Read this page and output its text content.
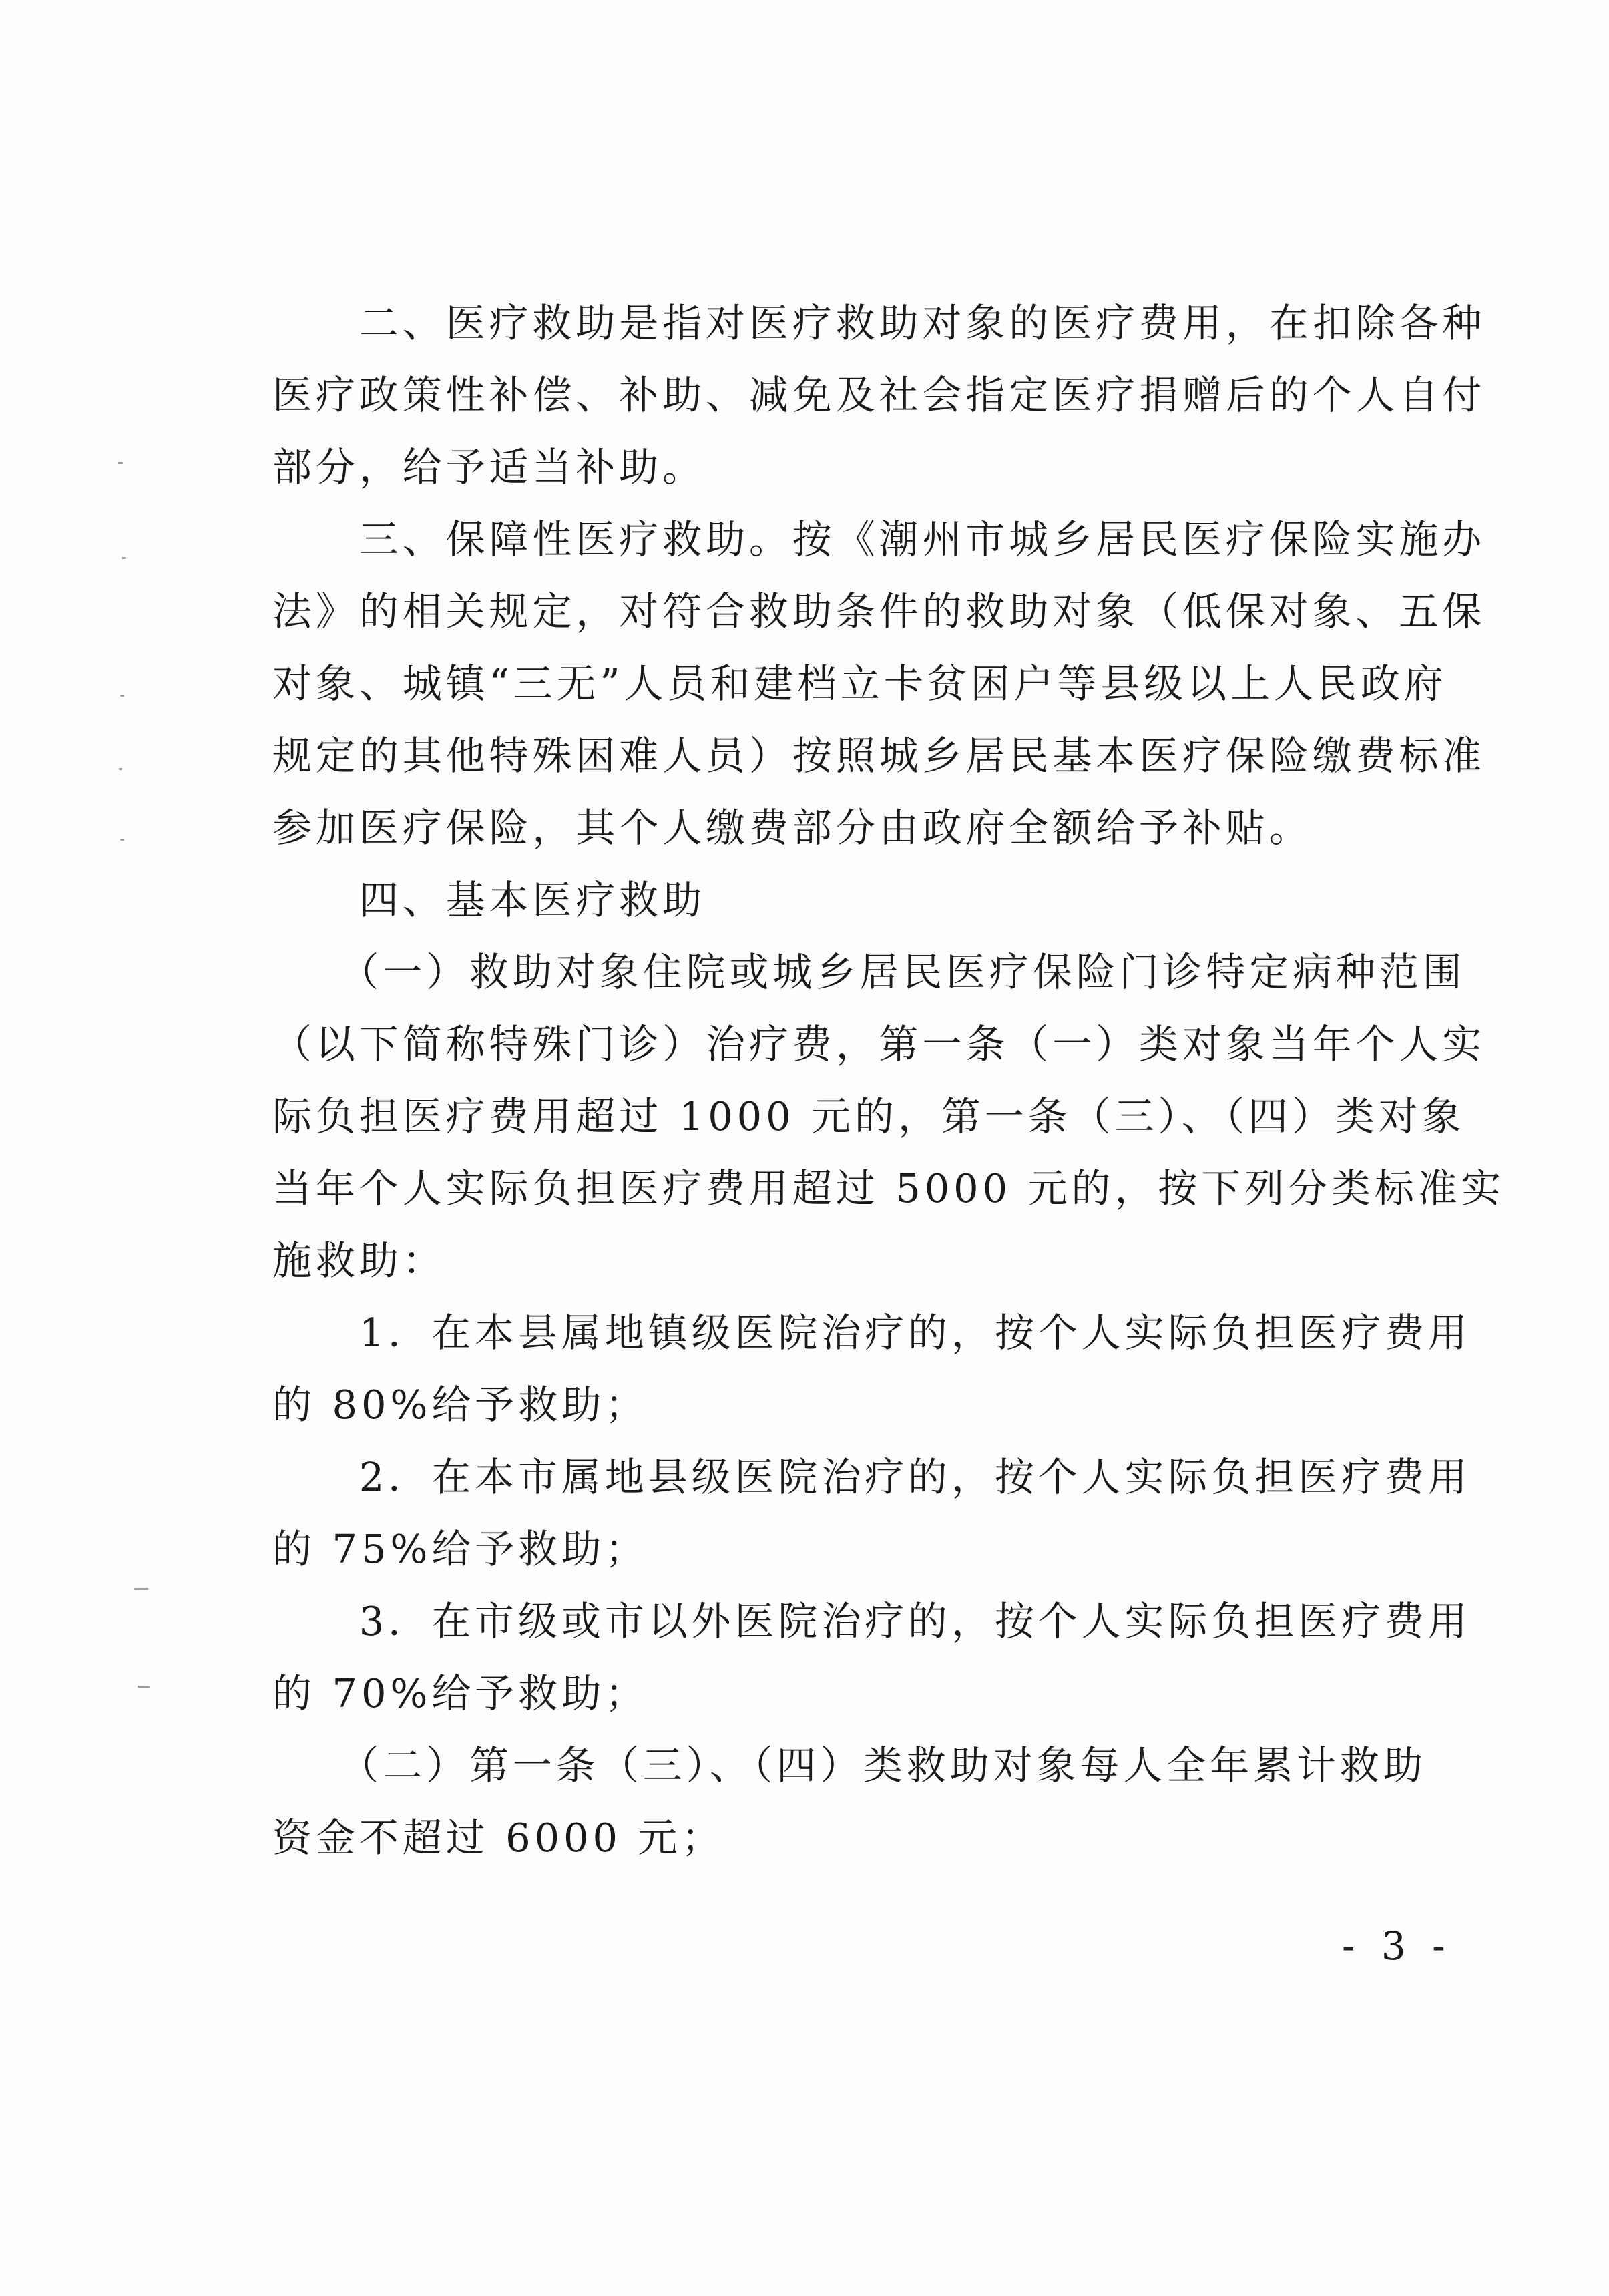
　　二、医疗救助是指对医疗救助对象的医疗费用，在扣除各种
医疗政策性补偿、补助、减免及社会指定医疗捐赠后的个人自付
部分，给予适当补助。
　　三、保障性医疗救助。按《潮州市城乡居民医疗保险实施办
法》的相关规定，对符合救助条件的救助对象（低保对象、五保
对象、城镇“三无”人员和建档立卡贫困户等县级以上人民政府
规定的其他特殊困难人员）按照城乡居民基本医疗保险缴费标准
参加医疗保险，其个人缴费部分由政府全额给予补贴。
　　四、基本医疗救助
　　（一）救助对象住院或城乡居民医疗保险门诊特定病种范围
（以下简称特殊门诊）治疗费，第一条（一）类对象当年个人实
际负担医疗费用超过 1000 元的，第一条（三）、（四）类对象
当年个人实际负担医疗费用超过 5000 元的，按下列分类标准实
施救助：
　　1．在本县属地镇级医院治疗的，按个人实际负担医疗费用
的 80%给予救助；
　　2．在本市属地县级医院治疗的，按个人实际负担医疗费用
的 75%给予救助；
　　3．在市级或市以外医院治疗的，按个人实际负担医疗费用
的 70%给予救助；
　　（二）第一条（三）、（四）类救助对象每人全年累计救助
资金不超过 6000 元；
- 3 -
